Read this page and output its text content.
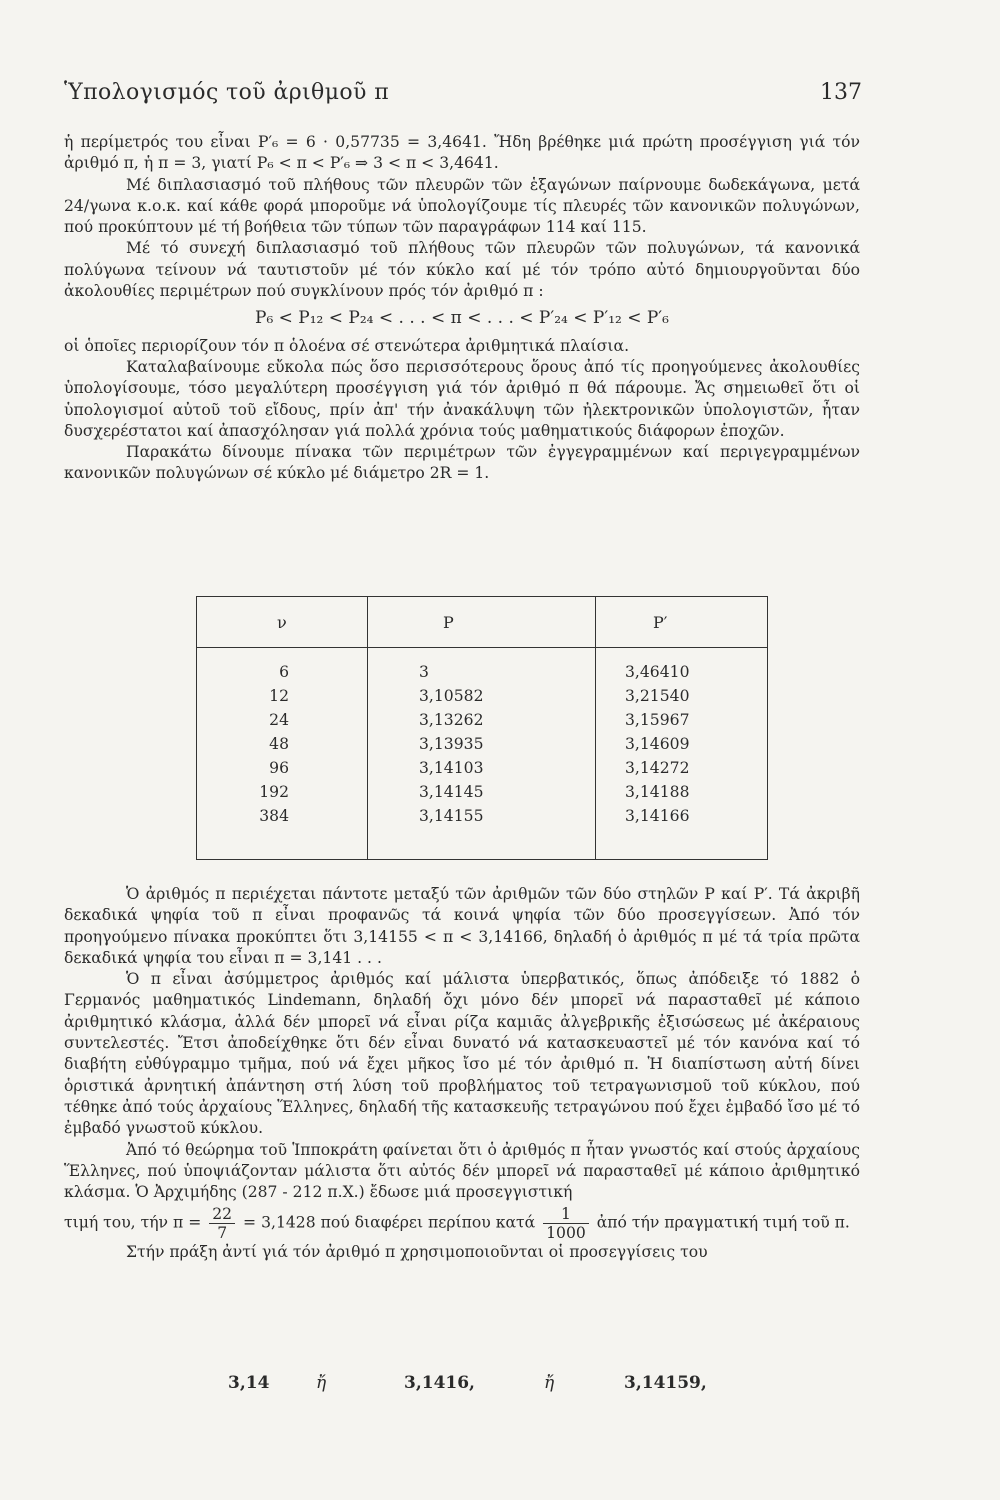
Ὑπολογισμός τοῦ ἀριθμοῦ π	137

ἡ περίμετρός του εἶναι P′₆ = 6 · 0,57735 = 3,4641. Ἤδη βρέθηκε μιά πρώτη προσέγγιση γιά τόν ἀριθμό π, ἡ π = 3, γιατί P₆ < π < P′₆ ⇒ 3 < π < 3,4641.

Μέ διπλασιασμό τοῦ πλήθους τῶν πλευρῶν τῶν ἑξαγώνων παίρνουμε δωδεκάγωνα, μετά 24/γωνα κ.ο.κ. καί κάθε φορά μποροῦμε νά ὑπολογίζουμε τίς πλευρές τῶν κανονικῶν πολυγώνων, πού προκύπτουν μέ τή βοήθεια τῶν τύπων τῶν παραγράφων 114 καί 115.

Μέ τό συνεχή διπλασιασμό τοῦ πλήθους τῶν πλευρῶν τῶν πολυγώνων, τά κανονικά πολύγωνα τείνουν νά ταυτιστοῦν μέ τόν κύκλο καί μέ τόν τρόπο αὐτό δημιουργοῦνται δύο ἀκολουθίες περιμέτρων πού συγκλίνουν πρός τόν ἀριθμό π :

P₆ < P₁₂ < P₂₄ < . . . < π < . . . < P′₂₄ < P′₁₂ < P′₆

οἱ ὁποῖες περιορίζουν τόν π ὁλοένα σέ στενώτερα ἀριθμητικά πλαίσια.

Καταλαβαίνουμε εὔκολα πώς ὅσο περισσότερους ὅρους ἀπό τίς προηγούμενες ἀκολουθίες ὑπολογίσουμε, τόσο μεγαλύτερη προσέγγιση γιά τόν ἀριθμό π θά πάρουμε. Ἄς σημειωθεῖ ὅτι οἱ ὑπολογισμοί αὐτοῦ τοῦ εἴδους, πρίν ἀπ' τήν ἀνακάλυψη τῶν ἠλεκτρονικῶν ὑπολογιστῶν, ἦταν δυσχερέστατοι καί ἀπασχόλησαν γιά πολλά χρόνια τούς μαθηματικούς διάφορων ἐποχῶν.

Παρακάτω δίνουμε πίνακα τῶν περιμέτρων τῶν ἐγγεγραμμένων καί περιγεγραμμένων κανονικῶν πολυγώνων σέ κύκλο μέ διάμετρο 2R = 1.

ν	P	P′
6	3	3,46410
12	3,10582	3,21540
24	3,13262	3,15967
48	3,13935	3,14609
96	3,14103	3,14272
192	3,14145	3,14188
384	3,14155	3,14166

Ὁ ἀριθμός π περιέχεται πάντοτε μεταξύ τῶν ἀριθμῶν τῶν δύο στηλῶν P καί P′. Τά ἀκριβῆ δεκαδικά ψηφία τοῦ π εἶναι προφανῶς τά κοινά ψηφία τῶν δύο προσεγγίσεων. Ἀπό τόν προηγούμενο πίνακα προκύπτει ὅτι 3,14155 < π < 3,14166, δηλαδή ὁ ἀριθμός π μέ τά τρία πρῶτα δεκαδικά ψηφία του εἶναι π = 3,141 . . .

Ὁ π εἶναι ἀσύμμετρος ἀριθμός καί μάλιστα ὑπερβατικός, ὅπως ἀπόδειξε τό 1882 ὁ Γερμανός μαθηματικός Lindemann, δηλαδή ὄχι μόνο δέν μπορεῖ νά παρασταθεῖ μέ κάποιο ἀριθμητικό κλάσμα, ἀλλά δέν μπορεῖ νά εἶναι ρίζα καμιᾶς ἀλγεβρικῆς ἐξισώσεως μέ ἀκέραιους συντελεστές. Ἔτσι ἀποδείχθηκε ὅτι δέν εἶναι δυνατό νά κατασκευαστεῖ μέ τόν κανόνα καί τό διαβήτη εὐθύγραμμο τμῆμα, πού νά ἔχει μῆκος ἴσο μέ τόν ἀριθμό π. Ἡ διαπίστωση αὐτή δίνει ὁριστικά ἀρνητική ἀπάντηση στή λύση τοῦ προβλήματος τοῦ τετραγωνισμοῦ τοῦ κύκλου, πού τέθηκε ἀπό τούς ἀρχαίους Ἕλληνες, δηλαδή τῆς κατασκευῆς τετραγώνου πού ἔχει ἐμβαδό ἴσο μέ τό ἐμβαδό γνωστοῦ κύκλου.

Ἀπό τό θεώρημα τοῦ Ἱπποκράτη φαίνεται ὅτι ὁ ἀριθμός π ἦταν γνωστός καί στούς ἀρχαίους Ἕλληνες, πού ὑποψιάζονταν μάλιστα ὅτι αὐτός δέν μπορεῖ νά παρασταθεῖ μέ κάποιο ἀριθμητικό κλάσμα. Ὁ Ἀρχιμήδης (287 - 212 π.Χ.) ἔδωσε μιά προσεγγιστική

τιμή του, τήν $\pi = \frac{22}{7} = 3,1428$ πού διαφέρει περίπου κατά $\frac{1}{1000}$ ἀπό τήν πραγματική τιμή τοῦ π.

Στήν πράξη ἀντί γιά τόν ἀριθμό π χρησιμοποιοῦνται οἱ προσεγγίσεις του

3,14	ἤ	3,1416,	ἤ	3,14159,
